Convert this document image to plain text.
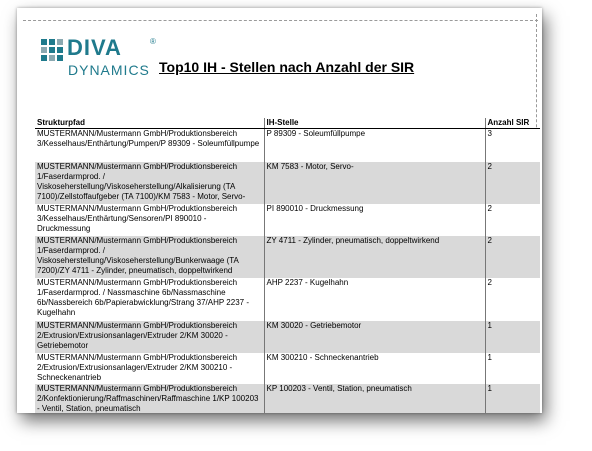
DIVA	®
DYNAMICS Top10 IH - Stellen nach Anzahl der SIR
Strukturpfad	IH-Stelle	Anzahl SIR
MUSTERMANN/Mustermann GmbH/Produktionsbereich 3/Kesselhaus/Enthärtung/Pumpen/P 89309 - Soleumfüllpumpe	P 89309 - Soleumfüllpumpe	3
MUSTERMANN/Mustermann GmbH/Produktionsbereich 1/Faserdarmprod. / Viskoseherstellung/Viskoseherstellung/Alkalisierung (TA 7100)/Zellstoffaufgeber (TA 7100)/KM 7583 - Motor, Servo-	KM 7583 - Motor, Servo-	2
MUSTERMANN/Mustermann GmbH/Produktionsbereich 3/Kesselhaus/Enthärtung/Sensoren/PI 890010 - Druckmessung	PI 890010 - Druckmessung	2
MUSTERMANN/Mustermann GmbH/Produktionsbereich 1/Faserdarmprod. / Viskoseherstellung/Viskoseherstellung/Bunkerwaage (TA 7200)/ZY 4711 - Zylinder, pneumatisch, doppeltwirkend	ZY 4711 - Zylinder, pneumatisch, doppeltwirkend	2
MUSTERMANN/Mustermann GmbH/Produktionsbereich 1/Faserdarmprod. / Nassmaschine 6b/Nassmaschine 6b/Nassbereich 6b/Papierabwicklung/Strang 37/AHP 2237 - Kugelhahn	AHP 2237 - Kugelhahn	2
MUSTERMANN/Mustermann GmbH/Produktionsbereich 2/Extrusion/Extrusionsanlagen/Extruder 2/KM 30020 - Getriebemotor	KM 30020 - Getriebemotor	1
MUSTERMANN/Mustermann GmbH/Produktionsbereich 2/Extrusion/Extrusionsanlagen/Extruder 2/KM 300210 - Schneckenantrieb	KM 300210 - Schneckenantrieb	1
MUSTERMANN/Mustermann GmbH/Produktionsbereich 2/Konfektionierung/Raffmaschinen/Raffmaschine 1/KP 100203 - Ventil, Station, pneumatisch	KP 100203 - Ventil, Station, pneumatisch	1
